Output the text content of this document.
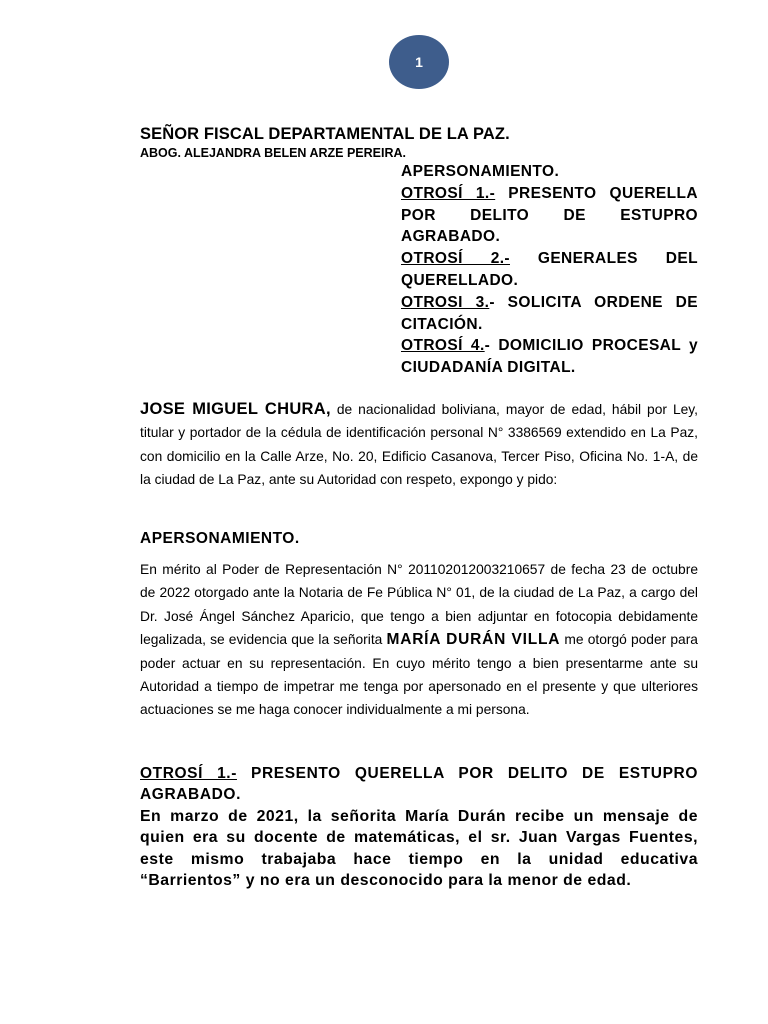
1
SEÑOR FISCAL DEPARTAMENTAL DE LA PAZ.
ABOG. ALEJANDRA BELEN ARZE PEREIRA.

APERSONAMIENTO.

OTROSÍ 1.- PRESENTO QUERELLA POR DELITO DE ESTUPRO AGRABADO.

OTROSÍ 2.- GENERALES DEL QUERELLADO.

OTROSI 3.- SOLICITA ORDENE DE CITACIÓN.

OTROSÍ 4.- DOMICILIO PROCESAL y CIUDADANÍA DIGITAL.

JOSE MIGUEL CHURA, de nacionalidad boliviana, mayor de edad, hábil por Ley, titular y portador de la cédula de identificación personal N° 3386569 extendido en La Paz, con domicilio en la Calle Arze, No. 20, Edificio Casanova, Tercer Piso, Oficina No. 1-A, de la ciudad de La Paz, ante su Autoridad con respeto, expongo y pido:
APERSONAMIENTO.
En mérito al Poder de Representación N° 201102012003210657 de fecha 23 de octubre de 2022 otorgado ante la Notaria de Fe Pública N° 01, de la ciudad de La Paz, a cargo del Dr. José Ángel Sánchez Aparicio, que tengo a bien adjuntar en fotocopia debidamente legalizada, se evidencia que la señorita MARÍA DURÁN VILLA me otorgó poder para poder actuar en su representación. En cuyo mérito tengo a bien presentarme ante su Autoridad a tiempo de impetrar me tenga por apersonado en el presente y que ulteriores actuaciones se me haga conocer individualmente a mi persona.
OTROSÍ 1.- PRESENTO QUERELLA POR DELITO DE ESTUPRO AGRABADO.
En marzo de 2021, la señorita María Durán recibe un mensaje de quien era su docente de matemáticas, el sr. Juan Vargas Fuentes, este mismo trabajaba hace tiempo en la unidad educativa “Barrientos” y no era un desconocido para la menor de edad.
